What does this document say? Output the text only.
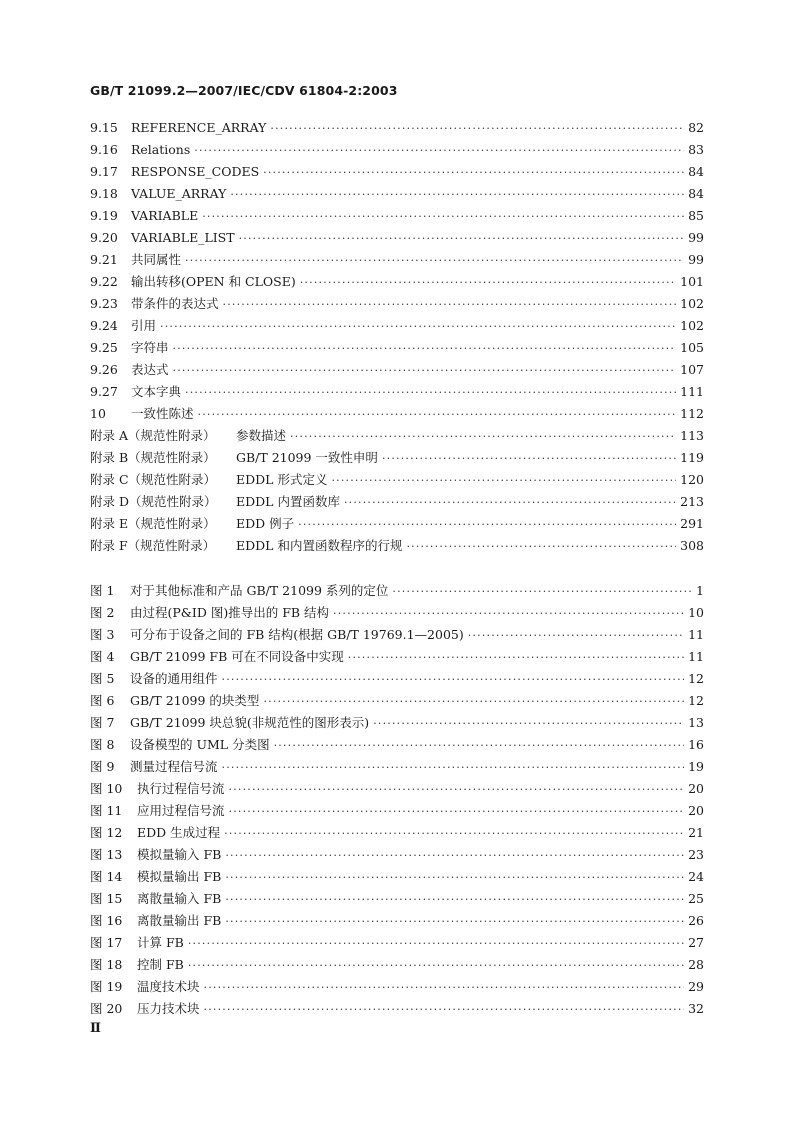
GB/T 21099.2—2007/IEC/CDV 61804-2:2003
9.15	REFERENCE_ARRAY ·····	82
9.16	Relations ·····	83
9.17	RESPONSE_CODES ·····	84
9.18	VALUE_ARRAY ·····	84
9.19	VARIABLE ·····	85
9.20	VARIABLE_LIST ·····	99
9.21	共同属性 ·····	99
9.22	输出转移(OPEN 和 CLOSE) ·····	101
9.23	带条件的表达式 ·····	102
9.24	引用 ·····	102
9.25	字符串 ·····	105
9.26	表达式 ·····	107
9.27	文本字典 ·····	111
10	一致性陈述 ·····	112
附录 A（规范性附录）	参数描述 ·····	113
附录 B（规范性附录）	GB/T 21099 一致性申明 ·····	119
附录 C（规范性附录）	EDDL 形式定义 ·····	120
附录 D（规范性附录）	EDDL 内置函数库 ·····	213
附录 E（规范性附录）	EDD 例子 ·····	291
附录 F（规范性附录）	EDDL 和内置函数程序的行规 ·····	308
图 1	对于其他标准和产品 GB/T 21099 系列的定位 ·····	1
图 2	由过程(P&ID 图)推导出的 FB 结构 ·····	10
图 3	可分布于设备之间的 FB 结构(根据 GB/T 19769.1—2005) ·····	11
图 4	GB/T 21099 FB 可在不同设备中实现 ·····	11
图 5	设备的通用组件 ·····	12
图 6	GB/T 21099 的块类型 ·····	12
图 7	GB/T 21099 块总貌(非规范性的图形表示) ·····	13
图 8	设备模型的 UML 分类图 ·····	16
图 9	测量过程信号流 ·····	19
图 10	执行过程信号流 ·····	20
图 11	应用过程信号流 ·····	20
图 12	EDD 生成过程 ·····	21
图 13	模拟量输入 FB ·····	23
图 14	模拟量输出 FB ·····	24
图 15	离散量输入 FB ·····	25
图 16	离散量输出 FB ·····	26
图 17	计算 FB ·····	27
图 18	控制 FB ·····	28
图 19	温度技术块 ·····	29
图 20	压力技术块 ·····	32
Ⅱ
